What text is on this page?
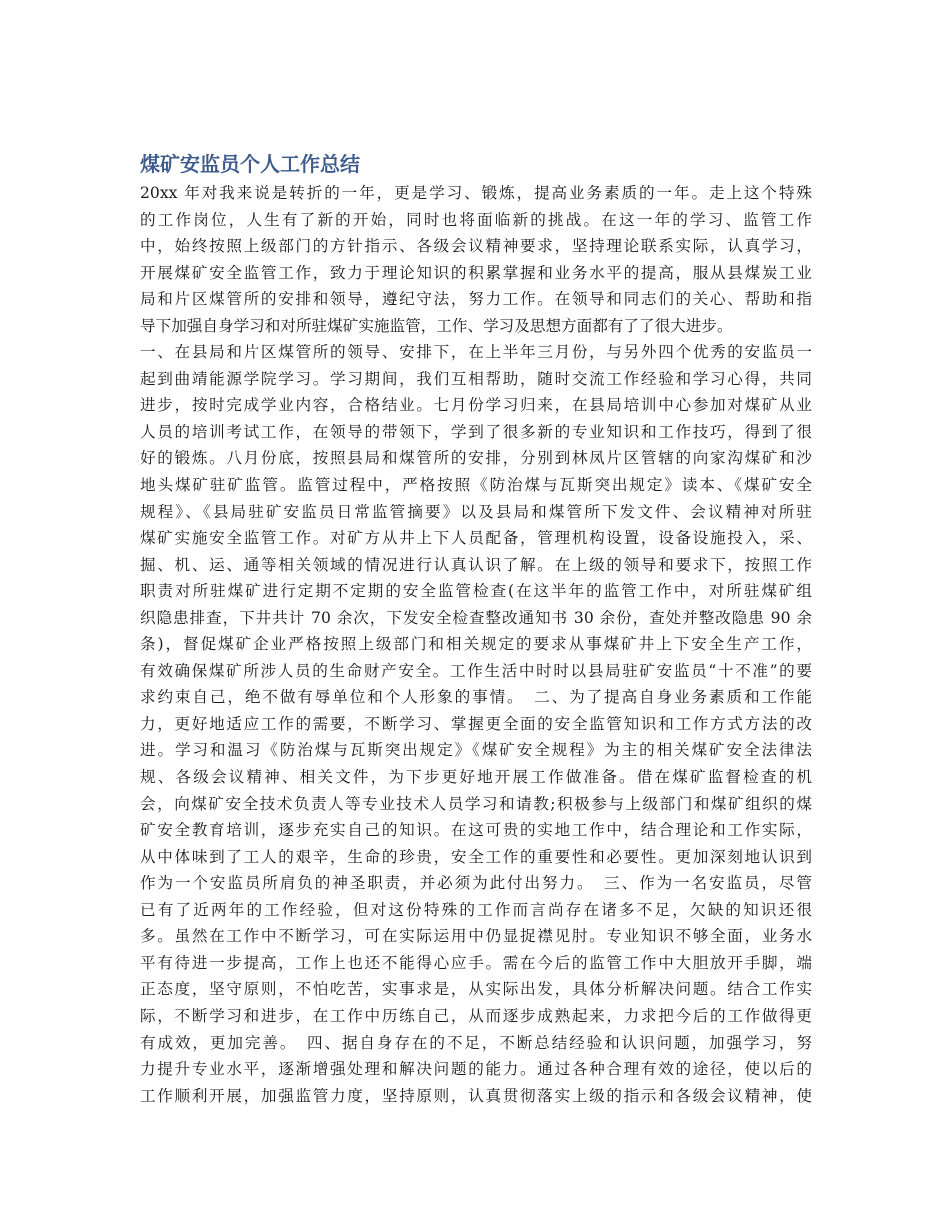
煤矿安监员个人工作总结
20xx 年对我来说是转折的一年，更是学习、锻炼，提高业务素质的一年。走上这个特殊
的工作岗位，人生有了新的开始，同时也将面临新的挑战。在这一年的学习、监管工作
中，始终按照上级部门的方针指示、各级会议精神要求，坚持理论联系实际，认真学习，
开展煤矿安全监管工作，致力于理论知识的积累掌握和业务水平的提高，服从县煤炭工业
局和片区煤管所的安排和领导，遵纪守法，努力工作。在领导和同志们的关心、帮助和指
导下加强自身学习和对所驻煤矿实施监管，工作、学习及思想方面都有了了很大进步。
一、在县局和片区煤管所的领导、安排下，在上半年三月份，与另外四个优秀的安监员一
起到曲靖能源学院学习。学习期间，我们互相帮助，随时交流工作经验和学习心得，共同
进步，按时完成学业内容，合格结业。七月份学习归来，在县局培训中心参加对煤矿从业
人员的培训考试工作，在领导的带领下，学到了很多新的专业知识和工作技巧，得到了很
好的锻炼。八月份底，按照县局和煤管所的安排，分别到林凤片区管辖的向家沟煤矿和沙
地头煤矿驻矿监管。监管过程中，严格按照《防治煤与瓦斯突出规定》读本、《煤矿安全
规程》、《县局驻矿安监员日常监管摘要》以及县局和煤管所下发文件、会议精神对所驻
煤矿实施安全监管工作。对矿方从井上下人员配备，管理机构设置，设备设施投入，采、
掘、机、运、通等相关领域的情况进行认真认识了解。在上级的领导和要求下，按照工作
职责对所驻煤矿进行定期不定期的安全监管检查(在这半年的监管工作中，对所驻煤矿组
织隐患排查，下井共计 70 余次，下发安全检查整改通知书 30 余份，查处并整改隐患 90 余
条)，督促煤矿企业严格按照上级部门和相关规定的要求从事煤矿井上下安全生产工作，
有效确保煤矿所涉人员的生命财产安全。工作生活中时时以县局驻矿安监员“十不准”的要
求约束自己，绝不做有辱单位和个人形象的事情。　二、为了提高自身业务素质和工作能
力，更好地适应工作的需要，不断学习、掌握更全面的安全监管知识和工作方式方法的改
进。学习和温习《防治煤与瓦斯突出规定》《煤矿安全规程》为主的相关煤矿安全法律法
规、各级会议精神、相关文件，为下步更好地开展工作做准备。借在煤矿监督检查的机
会，向煤矿安全技术负责人等专业技术人员学习和请教;积极参与上级部门和煤矿组织的煤
矿安全教育培训，逐步充实自己的知识。在这可贵的实地工作中，结合理论和工作实际，
从中体味到了工人的艰辛，生命的珍贵，安全工作的重要性和必要性。更加深刻地认识到
作为一个安监员所肩负的神圣职责，并必须为此付出努力。　三、作为一名安监员，尽管
已有了近两年的工作经验，但对这份特殊的工作而言尚存在诸多不足，欠缺的知识还很
多。虽然在工作中不断学习，可在实际运用中仍显捉襟见肘。专业知识不够全面，业务水
平有待进一步提高，工作上也还不能得心应手。需在今后的监管工作中大胆放开手脚，端
正态度，坚守原则，不怕吃苦，实事求是，从实际出发，具体分析解决问题。结合工作实
际，不断学习和进步，在工作中历练自己，从而逐步成熟起来，力求把今后的工作做得更
有成效，更加完善。　四、据自身存在的不足，不断总结经验和认识问题，加强学习，努
力提升专业水平，逐渐增强处理和解决问题的能力。通过各种合理有效的途径，使以后的
工作顺利开展，加强监管力度，坚持原则，认真贯彻落实上级的指示和各级会议精神，使
